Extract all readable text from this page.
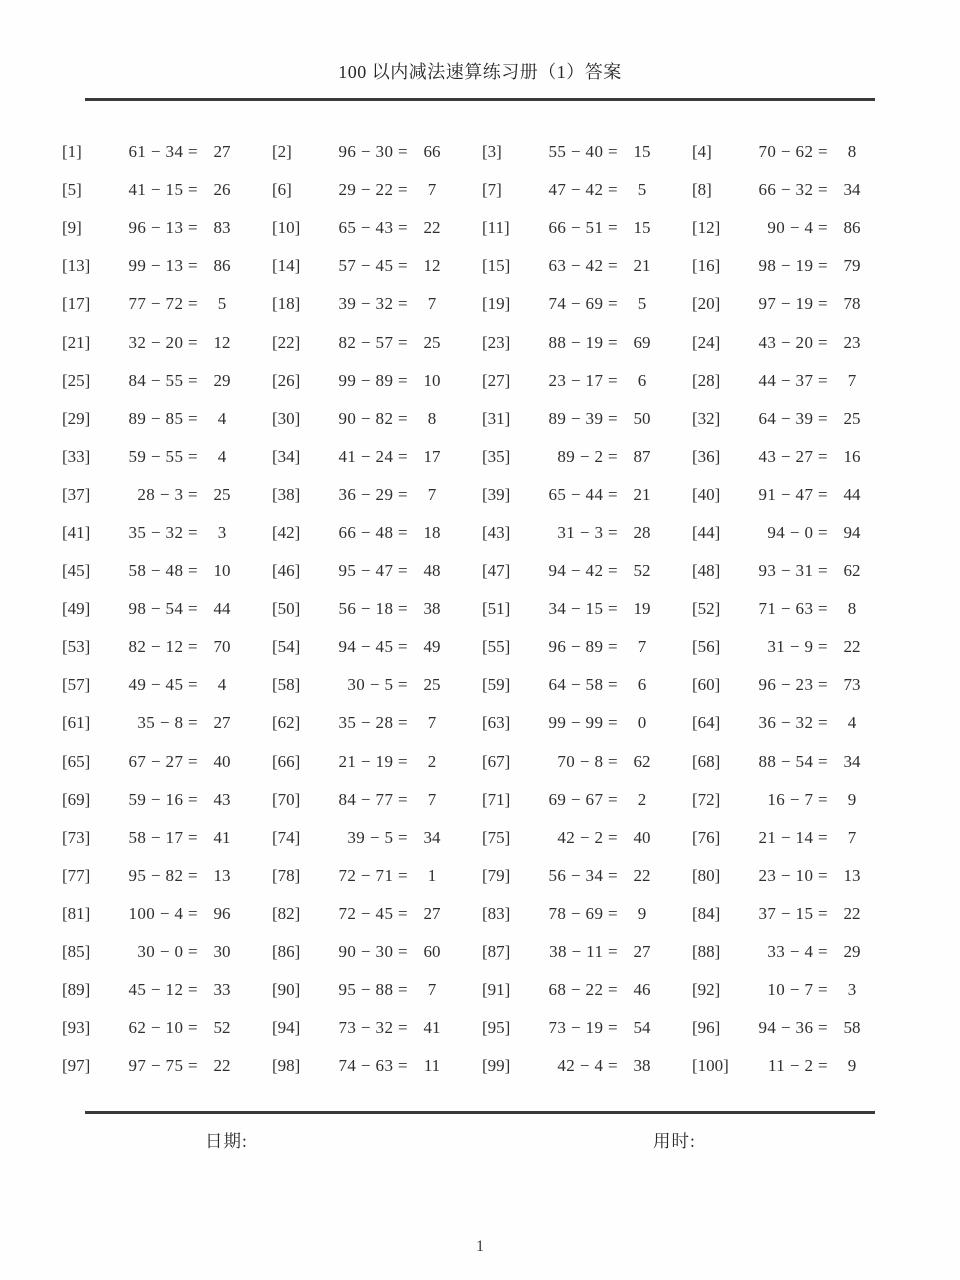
100 以内减法速算练习册（1）答案
[1]	61 − 34 = 27	[2]	96 − 30 = 66	[3]	55 − 40 = 15	[4]	70 − 62 =	8
[5]	41 − 15 = 26	[6]	29 − 22 =	7	[7]	47 − 42 =	5	[8]	66 − 32 = 34
[9]	96 − 13 = 83	[10]	65 − 43 = 22	[11]	66 − 51 = 15	[12]	90 − 4 = 86
[13]	99 − 13 = 86	[14]	57 − 45 = 12	[15]	63 − 42 = 21	[16]	98 − 19 = 79
[17]	77 − 72 =	5	[18]	39 − 32 =	7	[19]	74 − 69 =	5	[20]	97 − 19 = 78
[21]	32 − 20 = 12	[22]	82 − 57 = 25	[23]	88 − 19 = 69	[24]	43 − 20 = 23
[25]	84 − 55 = 29	[26]	99 − 89 = 10	[27]	23 − 17 =	6	[28]	44 − 37 =	7
[29]	89 − 85 =	4	[30]	90 − 82 =	8	[31]	89 − 39 = 50	[32]	64 − 39 = 25
[33]	59 − 55 =	4	[34]	41 − 24 = 17	[35]	89 − 2 = 87	[36]	43 − 27 = 16
[37]	28 − 3 = 25	[38]	36 − 29 =	7	[39]	65 − 44 = 21	[40]	91 − 47 = 44
[41]	35 − 32 =	3	[42]	66 − 48 = 18	[43]	31 − 3 = 28	[44]	94 − 0 = 94
[45]	58 − 48 = 10	[46]	95 − 47 = 48	[47]	94 − 42 = 52	[48]	93 − 31 = 62
[49]	98 − 54 = 44	[50]	56 − 18 = 38	[51]	34 − 15 = 19	[52]	71 − 63 =	8
[53]	82 − 12 = 70	[54]	94 − 45 = 49	[55]	96 − 89 =	7	[56]	31 − 9 = 22
[57]	49 − 45 =	4	[58]	30 − 5 = 25	[59]	64 − 58 =	6	[60]	96 − 23 = 73
[61]	35 − 8 = 27	[62]	35 − 28 =	7	[63]	99 − 99 =	0	[64]	36 − 32 =	4
[65]	67 − 27 = 40	[66]	21 − 19 =	2	[67]	70 − 8 = 62	[68]	88 − 54 = 34
[69]	59 − 16 = 43	[70]	84 − 77 =	7	[71]	69 − 67 =	2	[72]	16 − 7 =	9
[73]	58 − 17 = 41	[74]	39 − 5 = 34	[75]	42 − 2 = 40	[76]	21 − 14 =	7
[77]	95 − 82 = 13	[78]	72 − 71 =	1	[79]	56 − 34 = 22	[80]	23 − 10 = 13
[81]	100 − 4 = 96	[82]	72 − 45 = 27	[83]	78 − 69 =	9	[84]	37 − 15 = 22
[85]	30 − 0 = 30	[86]	90 − 30 = 60	[87]	38 − 11 = 27	[88]	33 − 4 = 29
[89]	45 − 12 = 33	[90]	95 − 88 =	7	[91]	68 − 22 = 46	[92]	10 − 7 =	3
[93]	62 − 10 = 52	[94]	73 − 32 = 41	[95]	73 − 19 = 54	[96]	94 − 36 = 58
[97]	97 − 75 = 22	[98]	74 − 63 = 11	[99]	42 − 4 = 38	[100]	11 − 2 =	9
日期:	用时:
1
